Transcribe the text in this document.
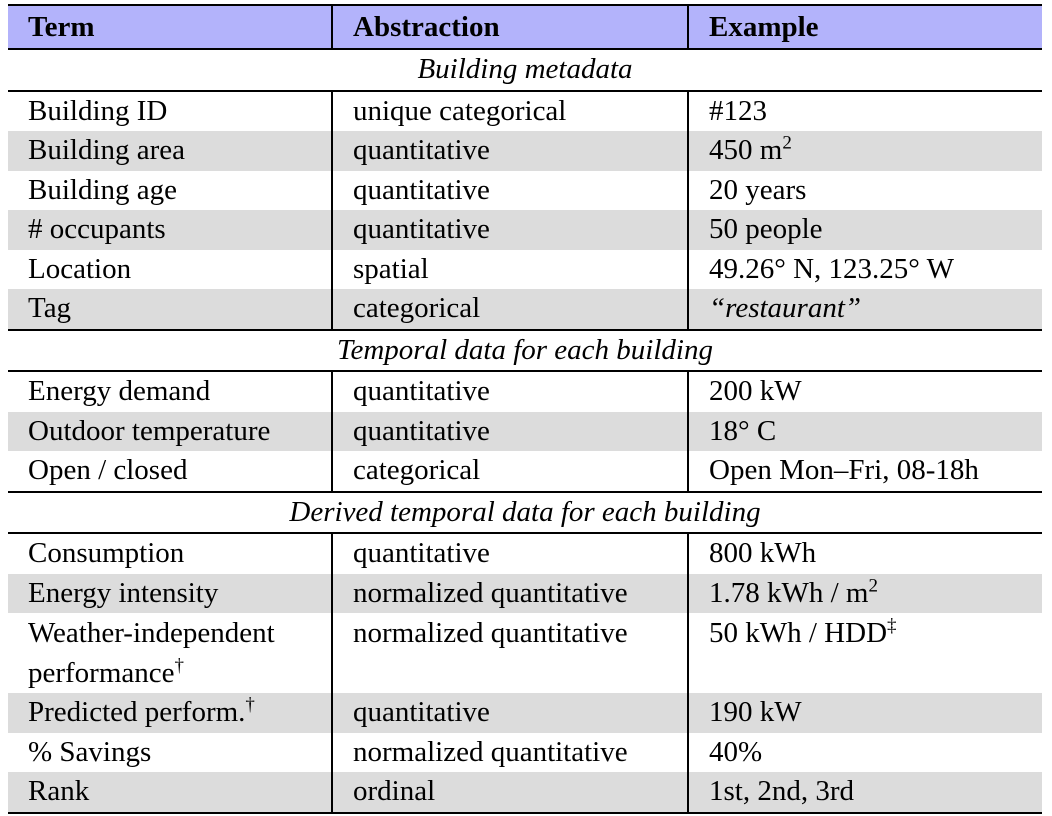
Term	Abstraction	Example
Building metadata		
Building ID	unique categorical	#123
Building area	quantitative	450 $m^2$
Building age	quantitative	20 years
# occupants	quantitative	50 people
Location	spatial	49.26° N, 123.25° W
Tag	categorical	“restaurant”
Temporal data for each building		
Energy demand	quantitative	200 kW
Outdoor temperature	quantitative	18° C
Open / closed	categorical	Open Mon–Fri, 08-18h
Derived temporal data for each building		
Consumption	quantitative	800 kWh
Energy intensity	normalized quantitative	1.78 kWh / $m^2$
Weather-independent
performance†	normalized quantitative	50 kWh / HDD‡
Predicted perform.†	quantitative	190 kW
% Savings	normalized quantitative	40%
Rank	ordinal	1st, 2nd, 3rd
